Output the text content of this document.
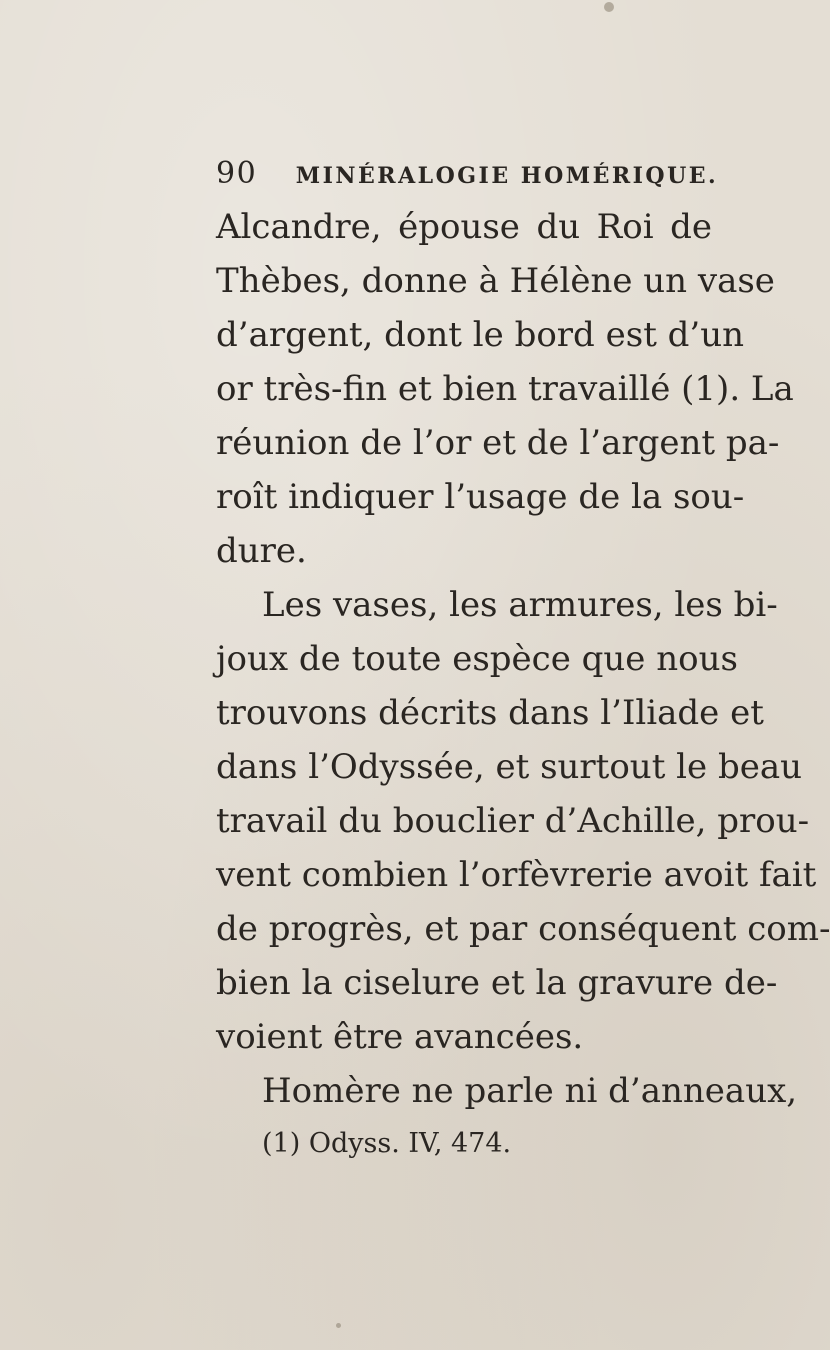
90 MINÉRALOGIE HOMÉRIQUE.
Alcandre, épouse du Roi de
Thèbes, donne à Hélène un vase
d’argent, dont le bord est d’un
or très-fin et bien travaillé (1). La
réunion de l’or et de l’argent pa-
roît indiquer l’usage de la sou-
dure.
Les vases, les armures, les bi-
joux de toute espèce que nous
trouvons décrits dans l’Iliade et
dans l’Odyssée, et surtout le beau
travail du bouclier d’Achille, prou-
vent combien l’orfèvrerie avoit fait
de progrès, et par conséquent com-
bien la ciselure et la gravure de-
voient être avancées.
Homère ne parle ni d’anneaux,
(1) Odyss. IV, 474.
